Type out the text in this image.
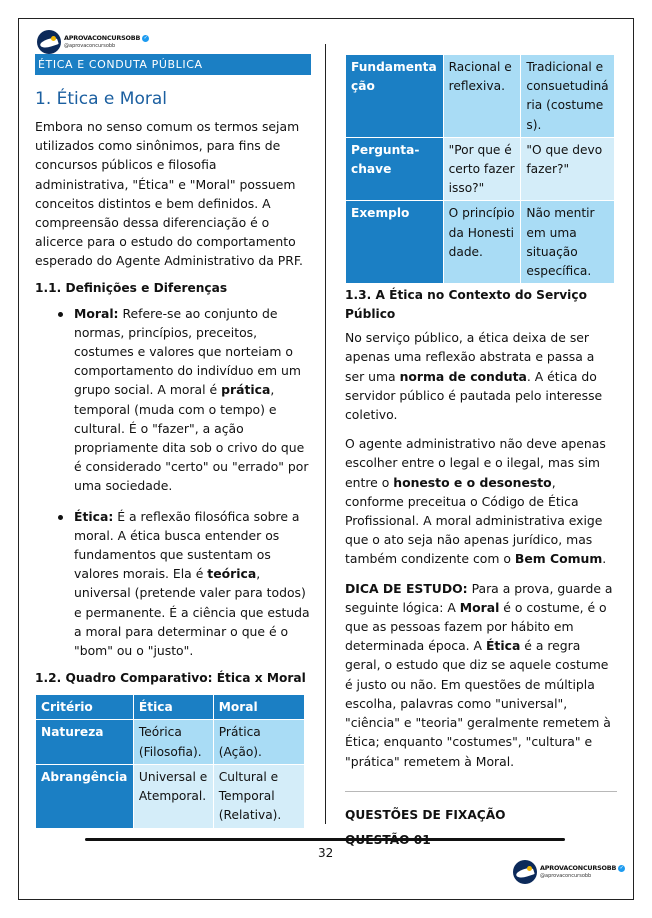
APROVACONCURSOBB ✓
@aprovaconcursobb
ÉTICA E CONDUTA PÚBLICA
1. Ética e Moral

Embora no senso comum os termos sejam utilizados como sinônimos, para fins de concursos públicos e filosofia administrativa, "Ética" e "Moral" possuem conceitos distintos e bem definidos. A compreensão dessa diferenciação é o alicerce para o estudo do comportamento esperado do Agente Administrativo da PRF.

1.1. Definições e Diferenças
Moral: Refere-se ao conjunto de normas, princípios, preceitos, costumes e valores que norteiam o comportamento do indivíduo em um grupo social. A moral é prática, temporal (muda com o tempo) e cultural. É o "fazer", a ação propriamente dita sob o crivo do que é considerado "certo" ou "errado" por uma sociedade.
Ética: É a reflexão filosófica sobre a moral. A ética busca entender os fundamentos que sustentam os valores morais. Ela é teórica, universal (pretende valer para todos) e permanente. É a ciência que estuda a moral para determinar o que é o "bom" ou o "justo".
1.2. Quadro Comparativo: Ética x Moral
Critério	Ética	Moral
Natureza	Teórica (Filosofia).	Prática (Ação).
Abrangência	Universal e Atemporal.	Cultural e Temporal (Relativa).
Fundamentação	Racional e reflexiva.	Tradicional e consuetudinária (costumes).
Pergunta-chave	"Por que é certo fazer isso?"	"O que devo fazer?"
Exemplo	O princípio da Honestidade.	Não mentir em uma situação específica.
1.3. A Ética no Contexto do Serviço Público

No serviço público, a ética deixa de ser apenas uma reflexão abstrata e passa a ser uma norma de conduta. A ética do servidor público é pautada pelo interesse coletivo.

O agente administrativo não deve apenas escolher entre o legal e o ilegal, mas sim entre o honesto e o desonesto, conforme preceitua o Código de Ética Profissional. A moral administrativa exige que o ato seja não apenas jurídico, mas também condizente com o Bem Comum.

DICA DE ESTUDO: Para a prova, guarde a seguinte lógica: A Moral é o costume, é o que as pessoas fazem por hábito em determinada época. A Ética é a regra geral, o estudo que diz se aquele costume é justo ou não. Em questões de múltipla escolha, palavras como "universal", "ciência" e "teoria" geralmente remetem à Ética; enquanto "costumes", "cultura" e "prática" remetem à Moral.

QUESTÕES DE FIXAÇÃO
32
APROVACONCURSOBB ✓
@aprovaconcursobb
